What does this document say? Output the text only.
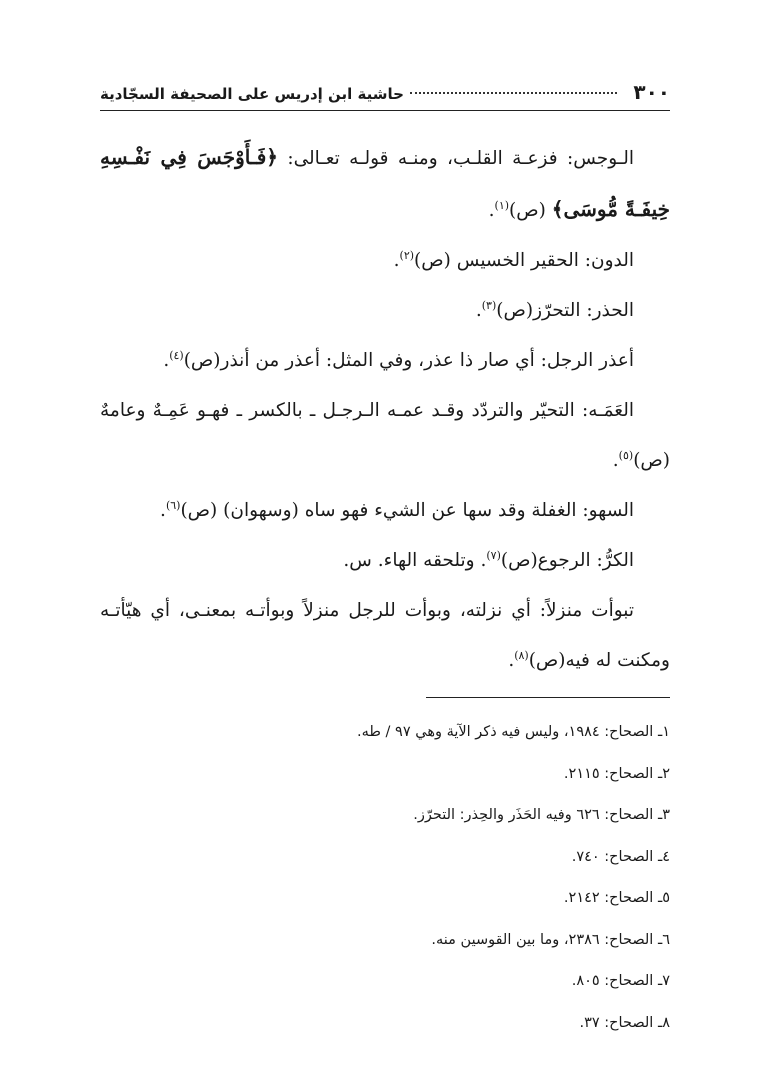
٣٠٠
حاشية ابن إدريس على الصحيفة السجّادية

الـوجس: فزعـة القلـب، ومنـه قولـه تعـالى: ﴿فَـأَوْجَسَ فِي نَفْـسِهِ خِيفَـةً مُّوسَى﴾ (ص)$^{(١)}$.

الدون: الحقير الخسيس (ص)$^{(٢)}$.

الحذر: التحرّز(ص)$^{(٣)}$.

أعذر الرجل: أي صار ذا عذر، وفي المثل: أعذر من أنذر(ص)$^{(٤)}$.

العَمَـه: التحيّر والتردّد وقـد عمـه الـرجـل ـ بالكسر ـ فهـو عَمِـهٌ وعامهٌ (ص)$^{(٥)}$.

السهو: الغفلة وقد سها عن الشيء فهو ساه (وسهوان) (ص)$^{(٦)}$.

الكرُّ: الرجوع(ص)$^{(٧)}$. وتلحقه الهاء. س.

تبوأت منزلاً: أي نزلته، وبوأت للرجل منزلاً وبوأتـه بمعنـى، أي هيّأتـه ومكنت له فيه(ص)$^{(٨)}$.

١ـ الصحاح: ١٩٨٤، وليس فيه ذكر الآية وهي ٩٧ / طه.
٢ـ الصحاح: ٢١١٥.
٣ـ الصحاح: ٦٢٦ وفيه الحَذَر والحِذر: التحرّز.
٤ـ الصحاح: ٧٤٠.
٥ـ الصحاح: ٢١٤٢.
٦ـ الصحاح: ٢٣٨٦، وما بين القوسين منه.
٧ـ الصحاح: ٨٠٥.
٨ـ الصحاح: ٣٧.
